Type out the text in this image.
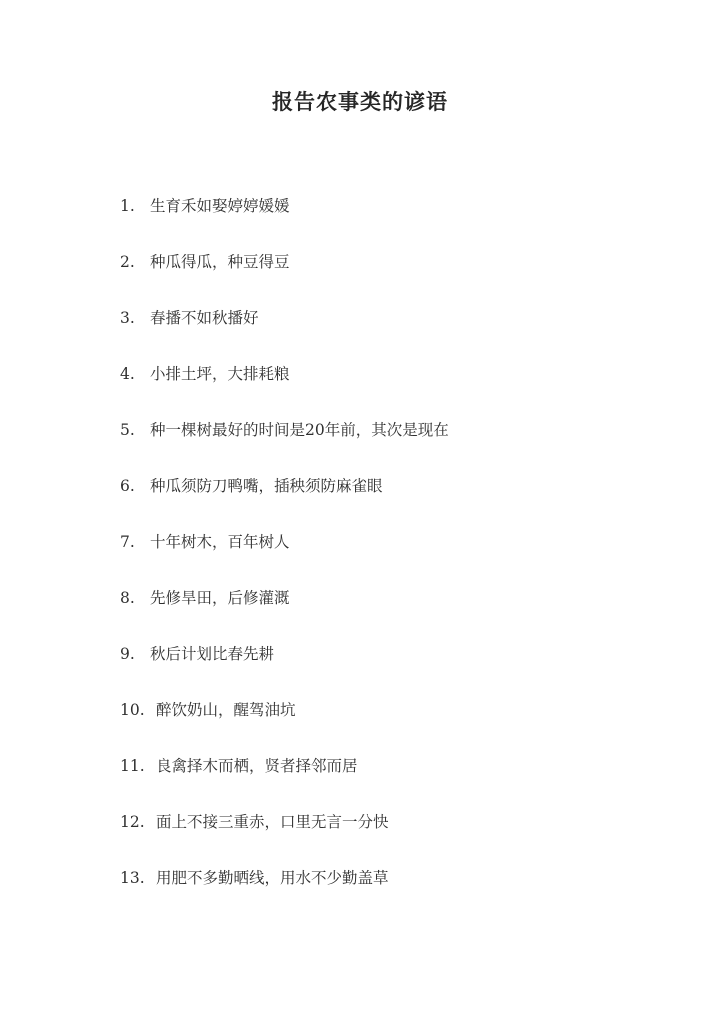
报告农事类的谚语
1. 生育禾如娶婷婷媛媛
2. 种瓜得瓜，种豆得豆
3. 春播不如秋播好
4. 小排土坪，大排耗粮
5. 种一棵树最好的时间是20年前，其次是现在
6. 种瓜须防刀鸭嘴，插秧须防麻雀眼
7. 十年树木，百年树人
8. 先修旱田，后修灌溉
9. 秋后计划比春先耕
10. 醉饮奶山，醒驾油坑
11. 良禽择木而栖，贤者择邻而居
12. 面上不接三重赤，口里无言一分快
13. 用肥不多勤晒线，用水不少勤盖草
